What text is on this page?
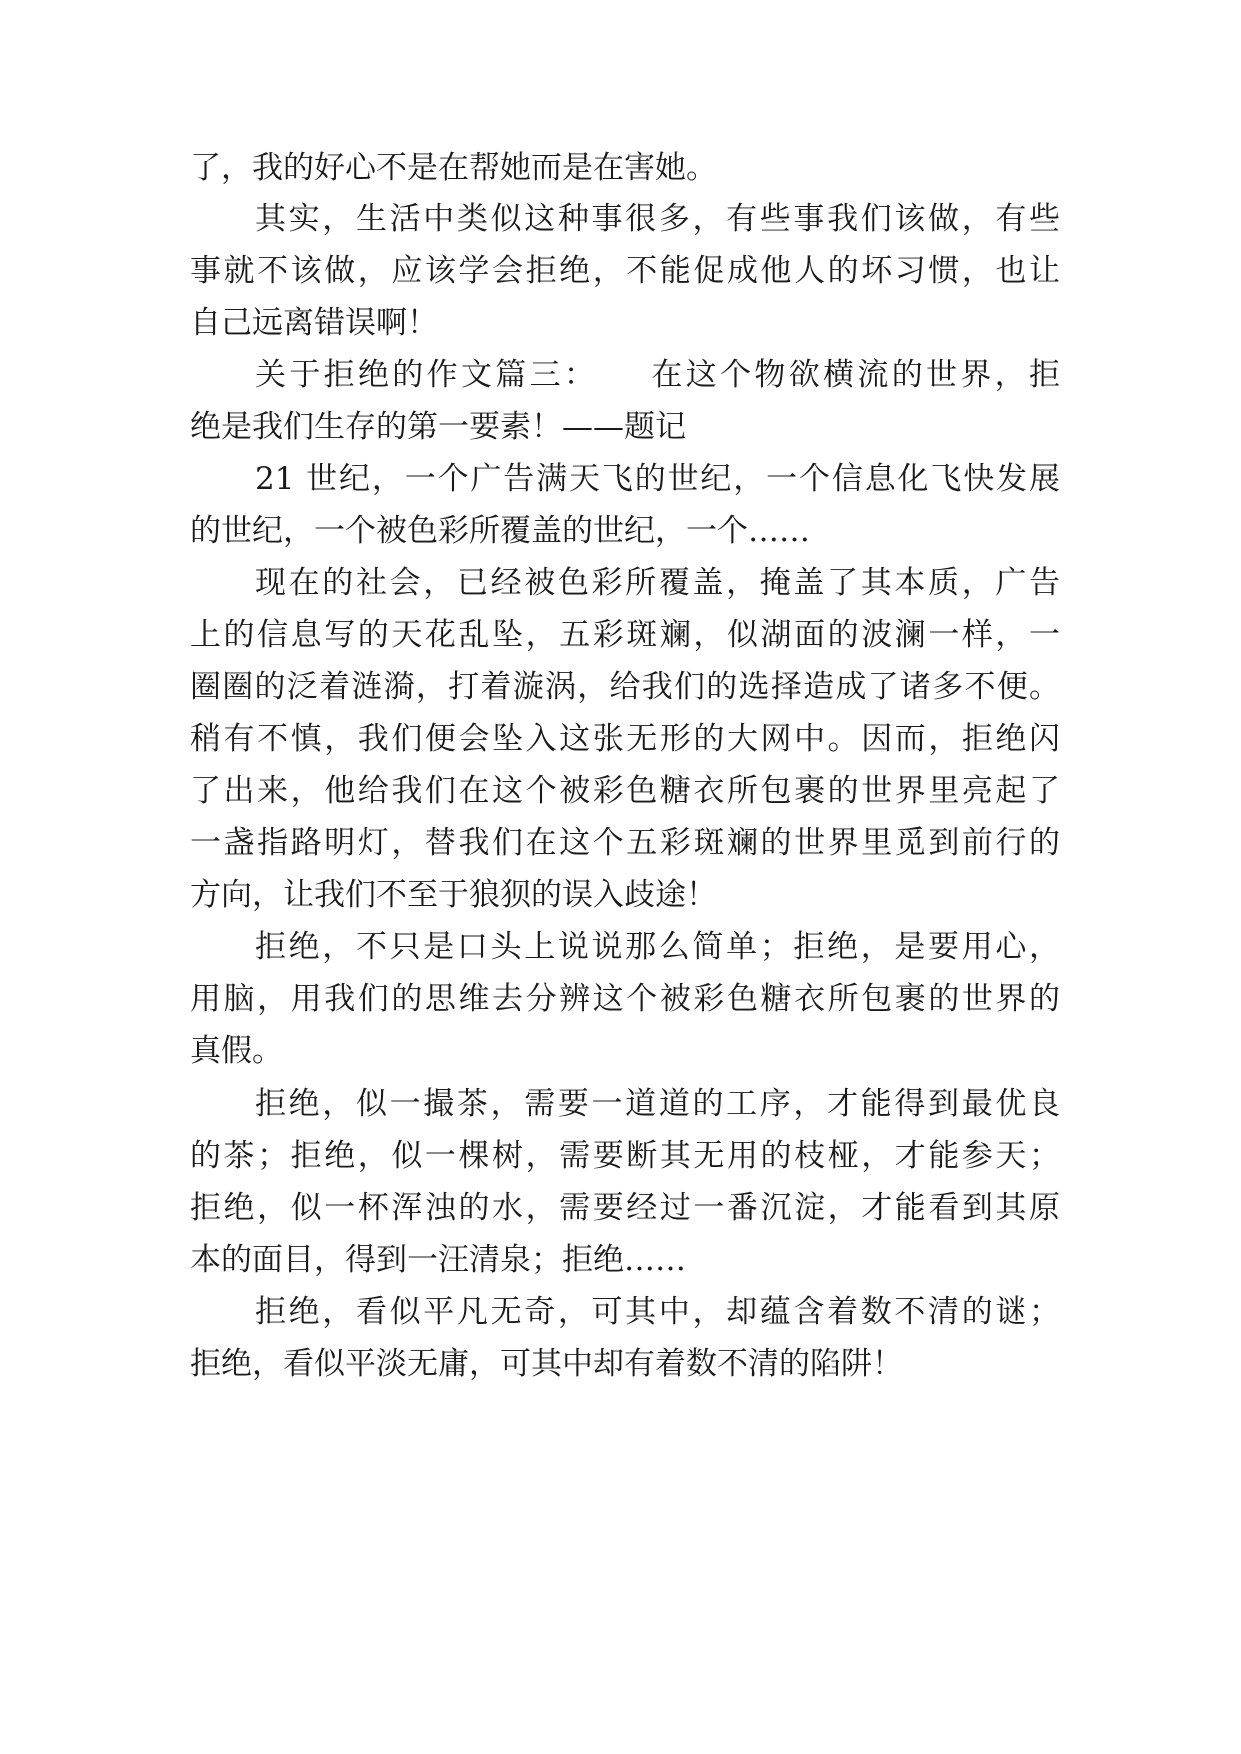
了，我的好心不是在帮她而是在害她。

其实，生活中类似这种事很多，有些事我们该做，有些

事就不该做，应该学会拒绝，不能促成他人的坏习惯，也让

自己远离错误啊！

关于拒绝的作文篇三：　　在这个物欲横流的世界，拒

绝是我们生存的第一要素！——题记

21 世纪，一个广告满天飞的世纪，一个信息化飞快发展

的世纪，一个被色彩所覆盖的世纪，一个……

现在的社会，已经被色彩所覆盖，掩盖了其本质，广告

上的信息写的天花乱坠，五彩斑斓，似湖面的波澜一样，一

圈圈的泛着涟漪，打着漩涡，给我们的选择造成了诸多不便。

稍有不慎，我们便会坠入这张无形的大网中。因而，拒绝闪

了出来，他给我们在这个被彩色糖衣所包裹的世界里亮起了

一盏指路明灯，替我们在这个五彩斑斓的世界里觅到前行的

方向，让我们不至于狼狈的误入歧途！

拒绝，不只是口头上说说那么简单；拒绝，是要用心，

用脑，用我们的思维去分辨这个被彩色糖衣所包裹的世界的

真假。

拒绝，似一撮茶，需要一道道的工序，才能得到最优良

的茶；拒绝，似一棵树，需要断其无用的枝桠，才能参天；

拒绝，似一杯浑浊的水，需要经过一番沉淀，才能看到其原

本的面目，得到一汪清泉；拒绝……

拒绝，看似平凡无奇，可其中，却蕴含着数不清的谜；

拒绝，看似平淡无庸，可其中却有着数不清的陷阱！
